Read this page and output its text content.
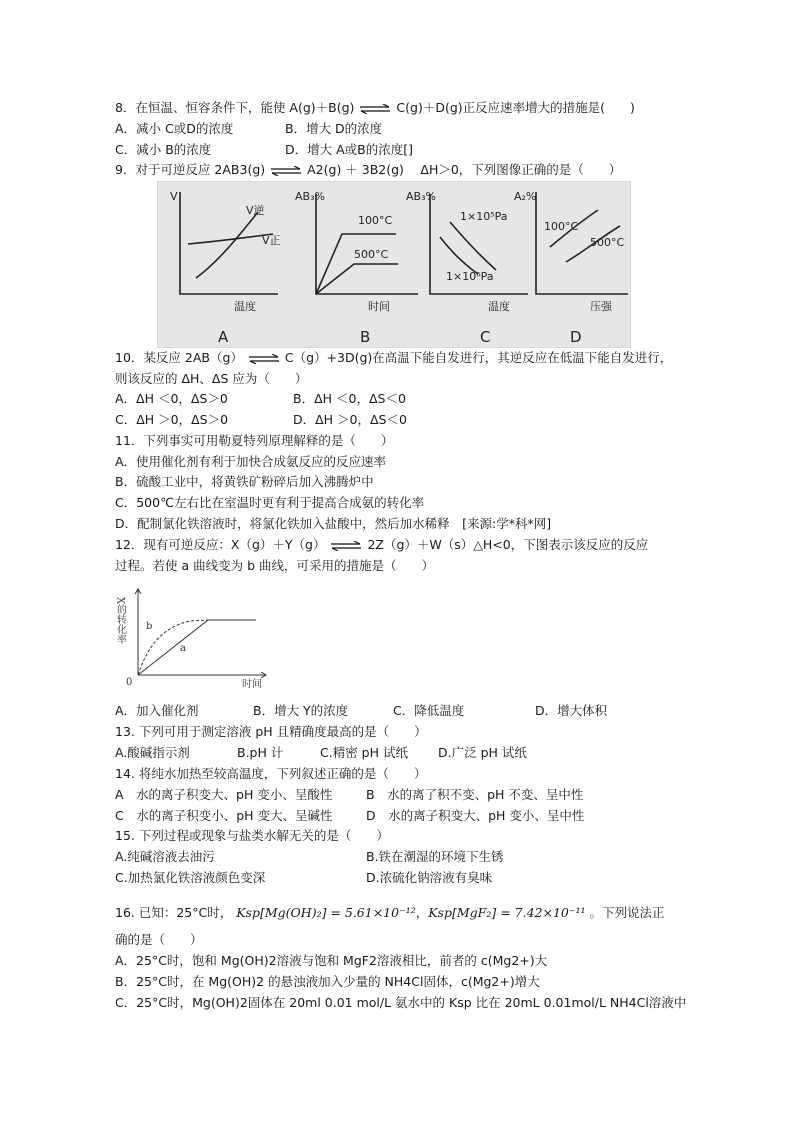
8．在恒温、恒容条件下，能使 A(g)＋B(g)	C(g)＋D(g)正反应速率增大的措施是(　　)
A．减小 C或D的浓度	B．增大 D的浓度
C．减小 B的浓度	D．增大 A或B的浓度[]
9．对于可逆反应 2AB3(g)	A2(g) ＋ 3B2(g)　 ΔH＞0，下列图像正确的是（　　）
V
温度
V逆
V正
A
AB₃%
时间
100°C
500°C
B
AB₃%
温度
1×10⁵Pa
1×10⁶Pa
C
A₂%
压强
100°C
500°C
D
10．某反应 2AB（g）	C（g）+3D(g)在高温下能自发进行，其逆反应在低温下能自发进行，
则该反应的 ΔH、ΔS 应为（　　）
A．ΔH ＜0，ΔS＞0	B．ΔH ＜0，ΔS＜0
C．ΔH ＞0，ΔS＞0	D．ΔH ＞0，ΔS＜0
11．下列事实可用勒夏特列原理解释的是（　　）
A．使用催化剂有利于加快合成氨反应的反应速率
B．硫酸工业中，将黄铁矿粉碎后加入沸腾炉中
C．500℃左右比在室温时更有利于提高合成氨的转化率
D．配制氯化铁溶液时，将氯化铁加入盐酸中，然后加水稀释　[来源:学*科*网]
12．现有可逆反应：X（g）＋Y（g）	2Z（g）＋W（s）△H<0，下图表示该反应的反应
过程。若使 a 曲线变为 b 曲线，可采用的措施是（　　）
X的转化率
0	时间
a
b
A．加入催化剂	B．增大 Y的浓度	C．降低温度	D．增大体积
13. 下列可用于测定溶液 pH 且精确度最高的是（　　）
A.酸碱指示剂	B.pH 计	C.精密 pH 试纸 D.广泛 pH 试纸
14. 将纯水加热至较高温度，下列叙述正确的是（　　）
A　水的离子积变大、pH 变小、呈酸性	B　水的离了积不变、pH 不变、呈中性
C　水的离子积变小、pH 变大、呈碱性	D　水的离子积变大、pH 变小、呈中性
15. 下列过程或现象与盐类水解无关的是（　　）
A.纯碱溶液去油污	B.铁在潮湿的环境下生锈
C.加热氯化铁溶液颜色变深	D.浓硫化钠溶液有臭味
16. 已知：25°C时， Ksp[Mg(OH)₂] = 5.61×10⁻¹²，Ksp[MgF₂] = 7.42×10⁻¹¹ 。下列说法正
确的是（　　）
A．25°C时，饱和 Mg(OH)2溶液与饱和 MgF2溶液相比，前者的 c(Mg2+)大
B．25°C时，在 Mg(OH)2 的悬浊液加入少量的 NH4Cl固体，c(Mg2+)增大
C．25°C时，Mg(OH)2固体在 20ml 0.01 mol/L 氨水中的 Ksp 比在 20mL 0.01mol/L NH4Cl溶液中
